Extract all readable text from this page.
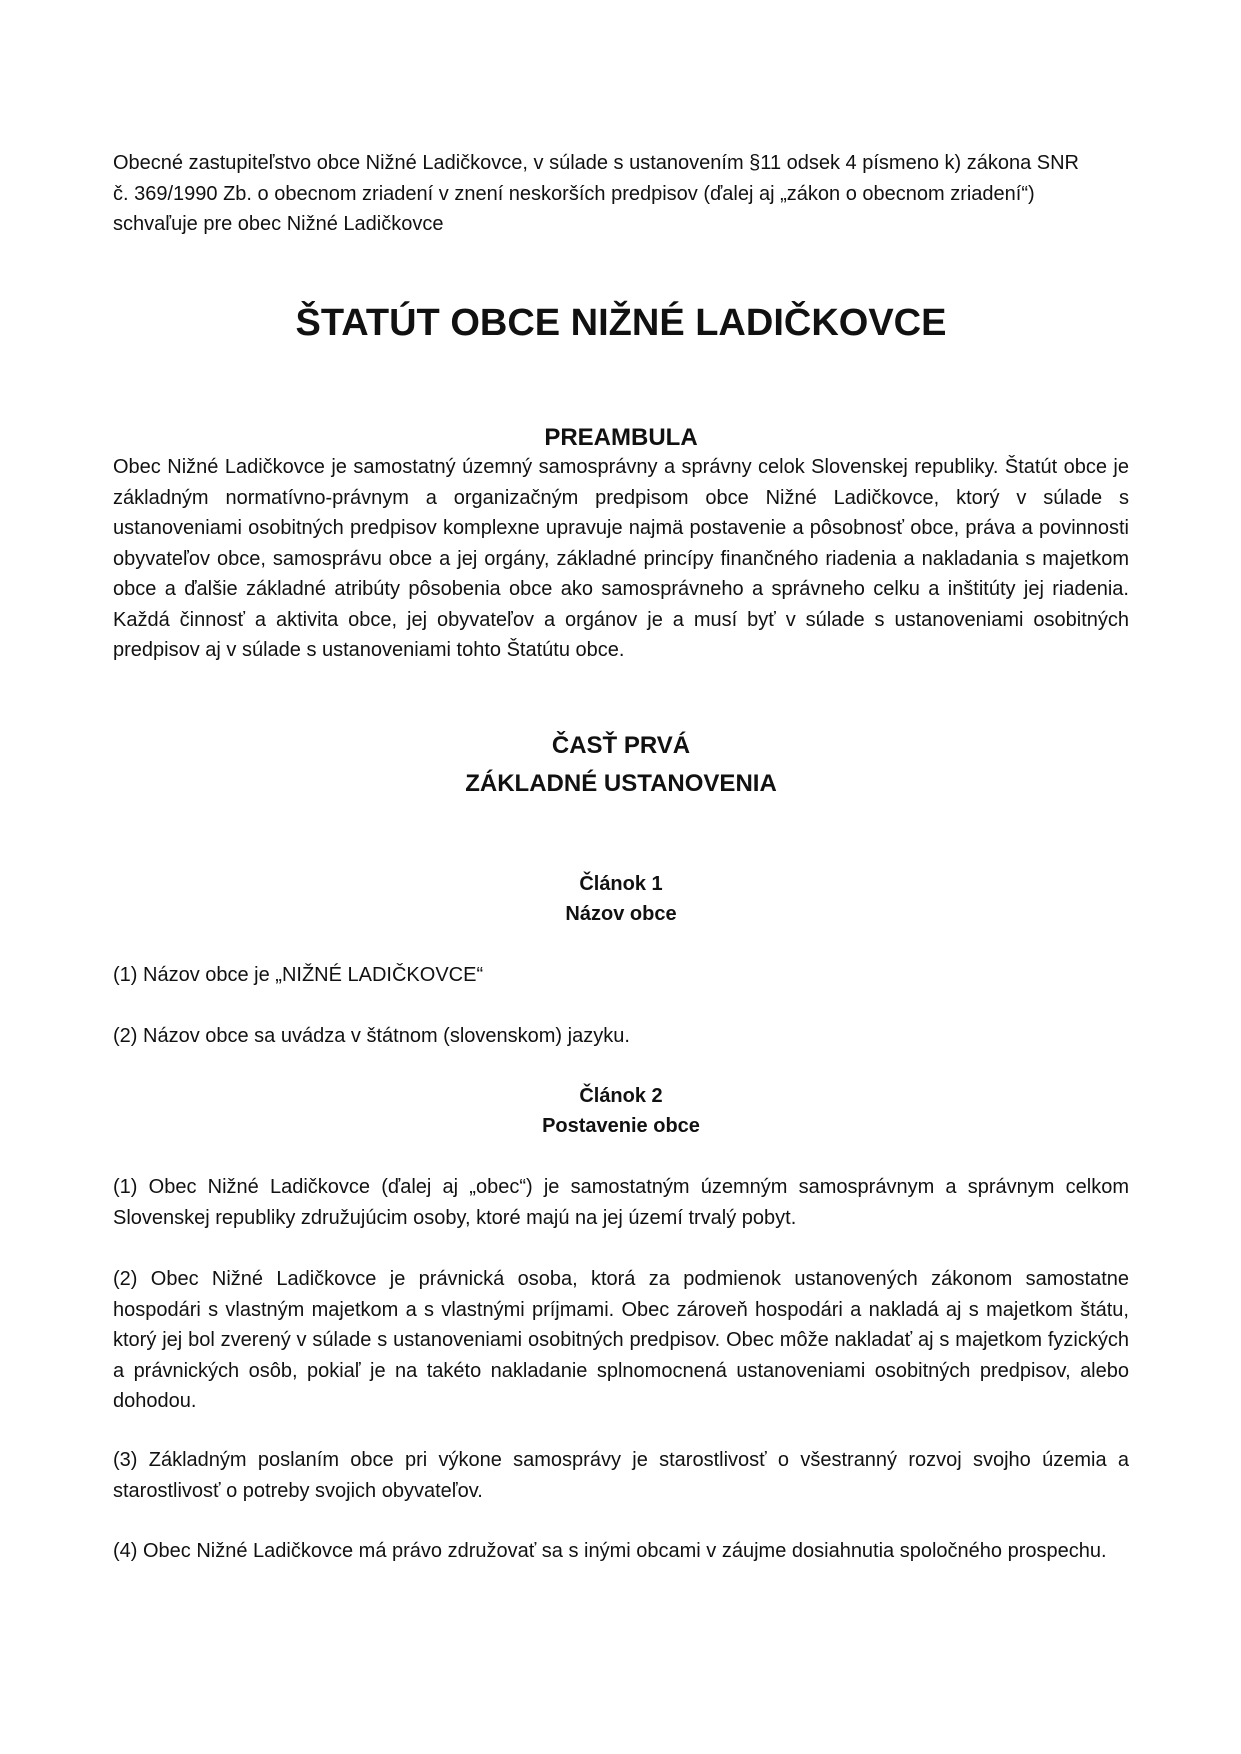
Obecné zastupiteľstvo obce Nižné Ladičkovce, v súlade s ustanovením §11 odsek 4 písmeno k) zákona SNR
č. 369/1990 Zb. o obecnom zriadení v znení neskorších predpisov (ďalej aj „zákon o obecnom zriadení“)
schvaľuje pre obec Nižné Ladičkovce

ŠTATÚT OBCE NIŽNÉ LADIČKOVCE
PREAMBULA

Obec Nižné Ladičkovce je samostatný územný samosprávny a správny celok Slovenskej republiky. Štatút obce je základným normatívno-právnym a organizačným predpisom obce Nižné Ladičkovce, ktorý v súlade s ustanoveniami osobitných predpisov komplexne upravuje najmä postavenie a pôsobnosť obce, práva a povinnosti obyvateľov obce, samosprávu obce a jej orgány, základné princípy finančného riadenia a nakladania s majetkom obce a ďalšie základné atribúty pôsobenia obce ako samosprávneho a správneho celku a inštitúty jej riadenia. Každá činnosť a aktivita obce, jej obyvateľov a orgánov je a musí byť v súlade s ustanoveniami osobitných predpisov aj v súlade s ustanoveniami tohto Štatútu obce.

ČASŤ PRVÁ
ZÁKLADNÉ USTANOVENIA
Článok 1
Názov obce

(1) Názov obce je „NIŽNÉ LADIČKOVCE“

(2) Názov obce sa uvádza v štátnom (slovenskom) jazyku.

Článok 2
Postavenie obce

(1) Obec Nižné Ladičkovce (ďalej aj „obec“) je samostatným územným samosprávnym a správnym celkom Slovenskej republiky združujúcim osoby, ktoré majú na jej území trvalý pobyt.

(2) Obec Nižné Ladičkovce je právnická osoba, ktorá za podmienok ustanovených zákonom samostatne hospodári s vlastným majetkom a s vlastnými príjmami. Obec zároveň hospodári a nakladá aj s majetkom štátu, ktorý jej bol zverený v súlade s ustanoveniami osobitných predpisov. Obec môže nakladať aj s majetkom fyzických a právnických osôb, pokiaľ je na takéto nakladanie splnomocnená ustanoveniami osobitných predpisov, alebo dohodou.

(3) Základným poslaním obce pri výkone samosprávy je starostlivosť o všestranný rozvoj svojho územia a starostlivosť o potreby svojich obyvateľov.

(4) Obec Nižné Ladičkovce má právo združovať sa s inými obcami v záujme dosiahnutia spoločného prospechu.
